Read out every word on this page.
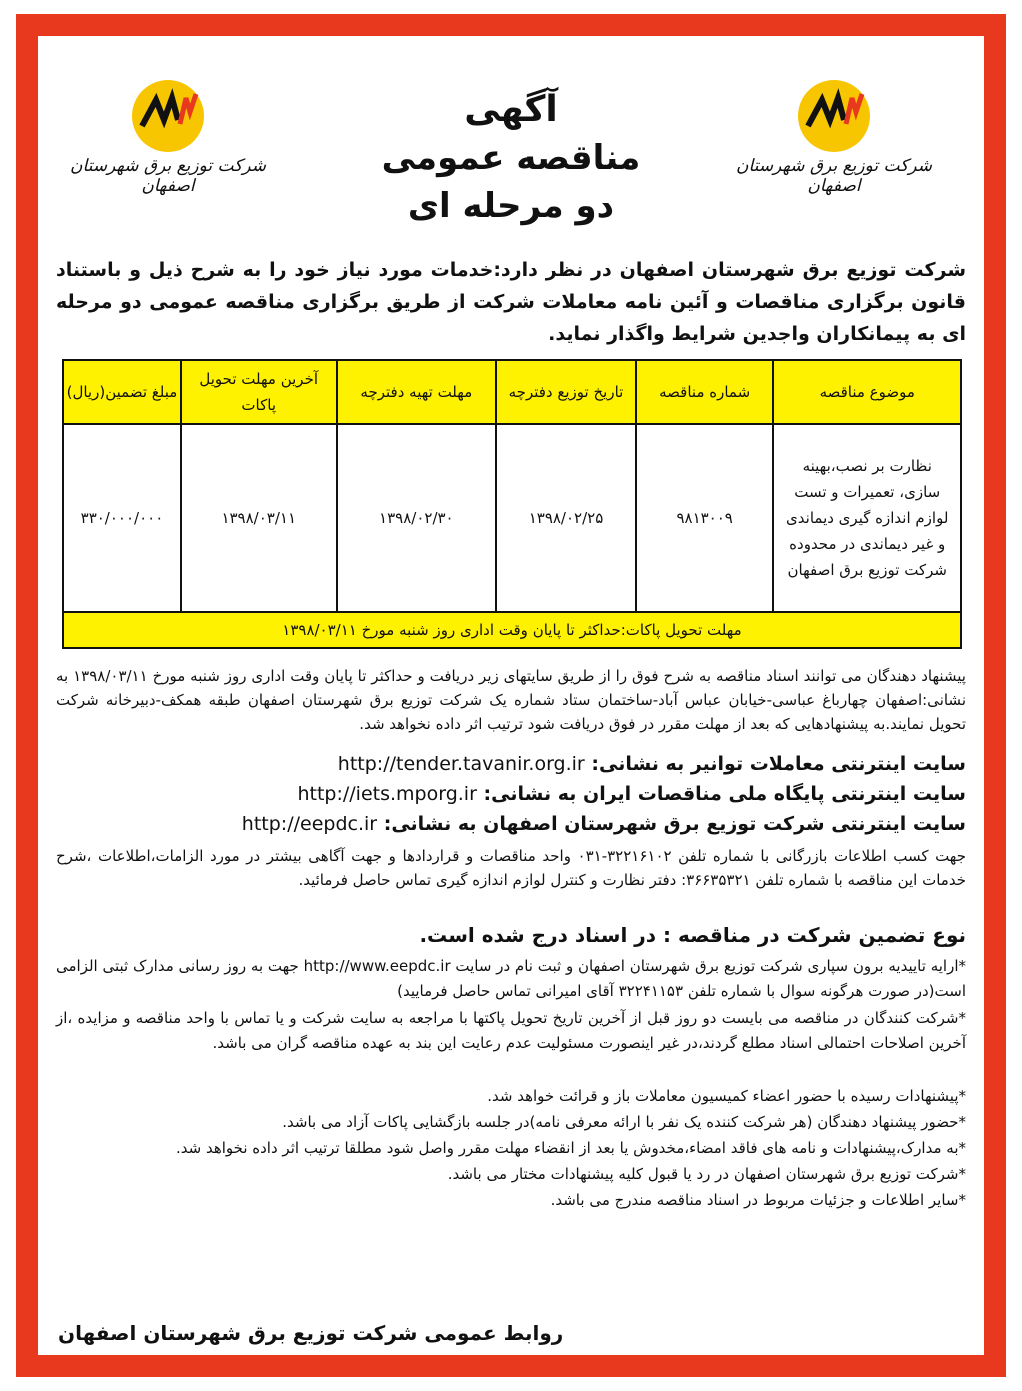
شرکت توزیع برق شهرستان اصفهان
شرکت توزیع برق شهرستان اصفهان
آگهی
مناقصه عمومی
دو مرحله ای
شرکت توزیع برق شهرستان اصفهان در نظر دارد:خدمات مورد نیاز خود را به شرح ذیل و باستناد قانون برگزاری مناقصات و آئین نامه معاملات شرکت از طریق برگزاری مناقصه عمومی دو مرحله ای به پیمانکاران واجدین شرایط واگذار نماید.
موضوع مناقصه	شماره مناقصه	تاریخ توزیع دفترچه	مهلت تهیه دفترچه	آخرین مهلت تحویل پاکات	مبلغ تضمین(ریال)
نظارت بر نصب،بهینه سازی، تعمیرات و تست لوازم اندازه گیری دیماندی و غیر دیماندی در محدوده شرکت توزیع برق اصفهان	۹۸۱۳۰۰۹	۱۳۹۸/۰۲/۲۵	۱۳۹۸/۰۲/۳۰	۱۳۹۸/۰۳/۱۱	۳۳۰/۰۰۰/۰۰۰
مهلت تحویل پاکات:حداکثر تا پایان وقت اداری روز شنبه مورخ ۱۳۹۸/۰۳/۱۱					
پیشنهاد دهندگان می توانند اسناد مناقصه به شرح فوق را از طریق سایتهای زیر دریافت و حداکثر تا پایان وقت اداری روز شنبه مورخ ۱۳۹۸/۰۳/۱۱ به نشانی:اصفهان چهارباغ عباسی-خیابان عباس آباد-ساختمان ستاد شماره یک شرکت توزیع برق شهرستان اصفهان طبقه همکف-دبیرخانه شرکت تحویل نمایند.به پیشنهادهایی که بعد از مهلت مقرر در فوق دریافت شود ترتیب اثر داده نخواهد شد.
سایت اینترنتی معاملات توانیر به نشانی: http://tender.tavanir.org.ir
سایت اینترنتی پایگاه ملی مناقصات ایران به نشانی: http://iets.mporg.ir
سایت اینترنتی شرکت توزیع برق شهرستان اصفهان به نشانی: http://eepdc.ir
جهت کسب اطلاعات بازرگانی با شماره تلفن ۳۲۲۱۶۱۰۲-۰۳۱ واحد مناقصات و قراردادها و جهت آگاهی بیشتر در مورد الزامات،اطلاعات ،شرح خدمات این مناقصه با شماره تلفن ۳۶۶۳۵۳۲۱: دفتر نظارت و کنترل لوازم اندازه گیری تماس حاصل فرمائید.
نوع تضمین شرکت در مناقصه : در اسناد درج شده است.
*ارایه تاییدیه برون سپاری شرکت توزیع برق شهرستان اصفهان و ثبت نام در سایت http://www.eepdc.ir جهت به روز رسانی مدارک ثبتی الزامی است(در صورت هرگونه سوال با شماره تلفن ۳۲۲۴۱۱۵۳ آقای امیرانی تماس حاصل فرمایید)
*شرکت کنندگان در مناقصه می بایست دو روز قبل از آخرین تاریخ تحویل پاکتها با مراجعه به سایت شرکت و یا تماس با واحد مناقصه و مزایده ،از آخرین اصلاحات احتمالی اسناد مطلع گردند،در غیر اینصورت مسئولیت عدم رعایت این بند به عهده مناقصه گران می باشد.
*پیشنهادات رسیده با حضور اعضاء کمیسیون معاملات باز و قرائت خواهد شد.
*حضور پیشنهاد دهندگان (هر شرکت کننده یک نفر با ارائه معرفی نامه)در جلسه بازگشایی پاکات آزاد می باشد.
*به مدارک،پیشنهادات و نامه های فاقد امضاء،مخدوش یا بعد از انقضاء مهلت مقرر واصل شود مطلقا ترتیب اثر داده نخواهد شد.
*شرکت توزیع برق شهرستان اصفهان در رد یا قبول کلیه پیشنهادات مختار می باشد.
*سایر اطلاعات و جزئیات مربوط در اسناد مناقصه مندرج می باشد.
روابط عمومی شرکت توزیع برق شهرستان اصفهان
